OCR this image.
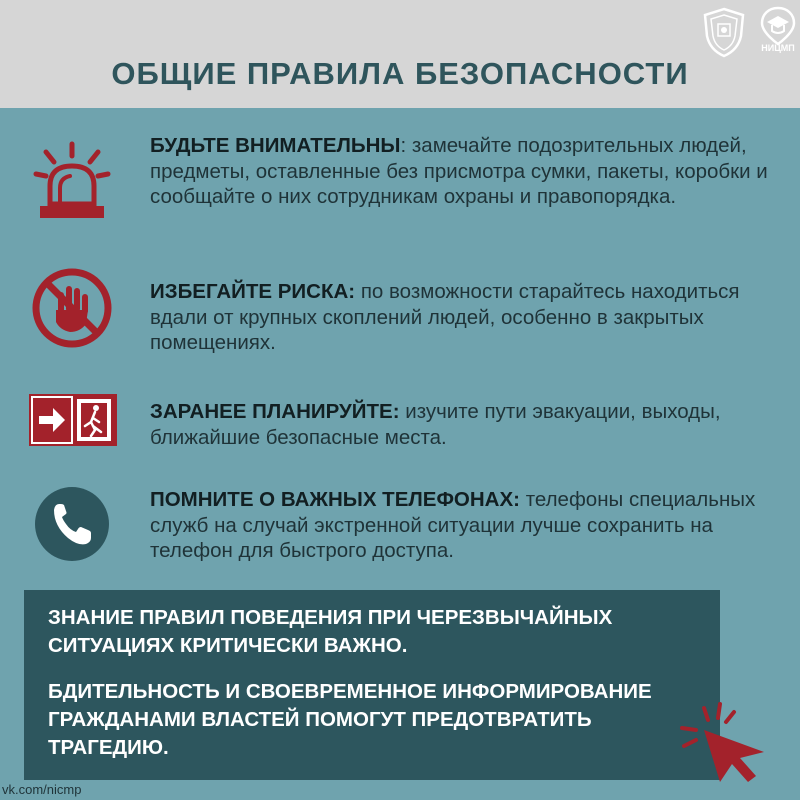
НИЦМП
ОБЩИЕ ПРАВИЛА БЕЗОПАСНОСТИ
БУДЬТЕ ВНИМАТЕЛЬНЫ: замечайте подозрительных людей, предметы, оставленные без присмотра сумки, пакеты, коробки и сообщайте о них сотрудникам охраны и правопорядка.
ИЗБЕГАЙТЕ РИСКА: по возможности старайтесь находиться вдали от крупных скоплений людей, особенно в закрытых помещениях.
ЗАРАНЕЕ ПЛАНИРУЙТЕ: изучите пути эвакуации, выходы, ближайшие безопасные места.
ПОМНИТЕ О ВАЖНЫХ ТЕЛЕФОНАХ: телефоны специальных служб на случай экстренной ситуации лучше сохранить на телефон для быстрого доступа.
ЗНАНИЕ ПРАВИЛ ПОВЕДЕНИЯ ПРИ ЧЕРЕЗВЫЧАЙНЫХ СИТУАЦИЯХ КРИТИЧЕСКИ ВАЖНО.
БДИТЕЛЬНОСТЬ И СВОЕВРЕМЕННОЕ ИНФОРМИРОВАНИЕ ГРАЖДАНАМИ ВЛАСТЕЙ ПОМОГУТ ПРЕДОТВРАТИТЬ ТРАГЕДИЮ.
vk.com/nicmp
